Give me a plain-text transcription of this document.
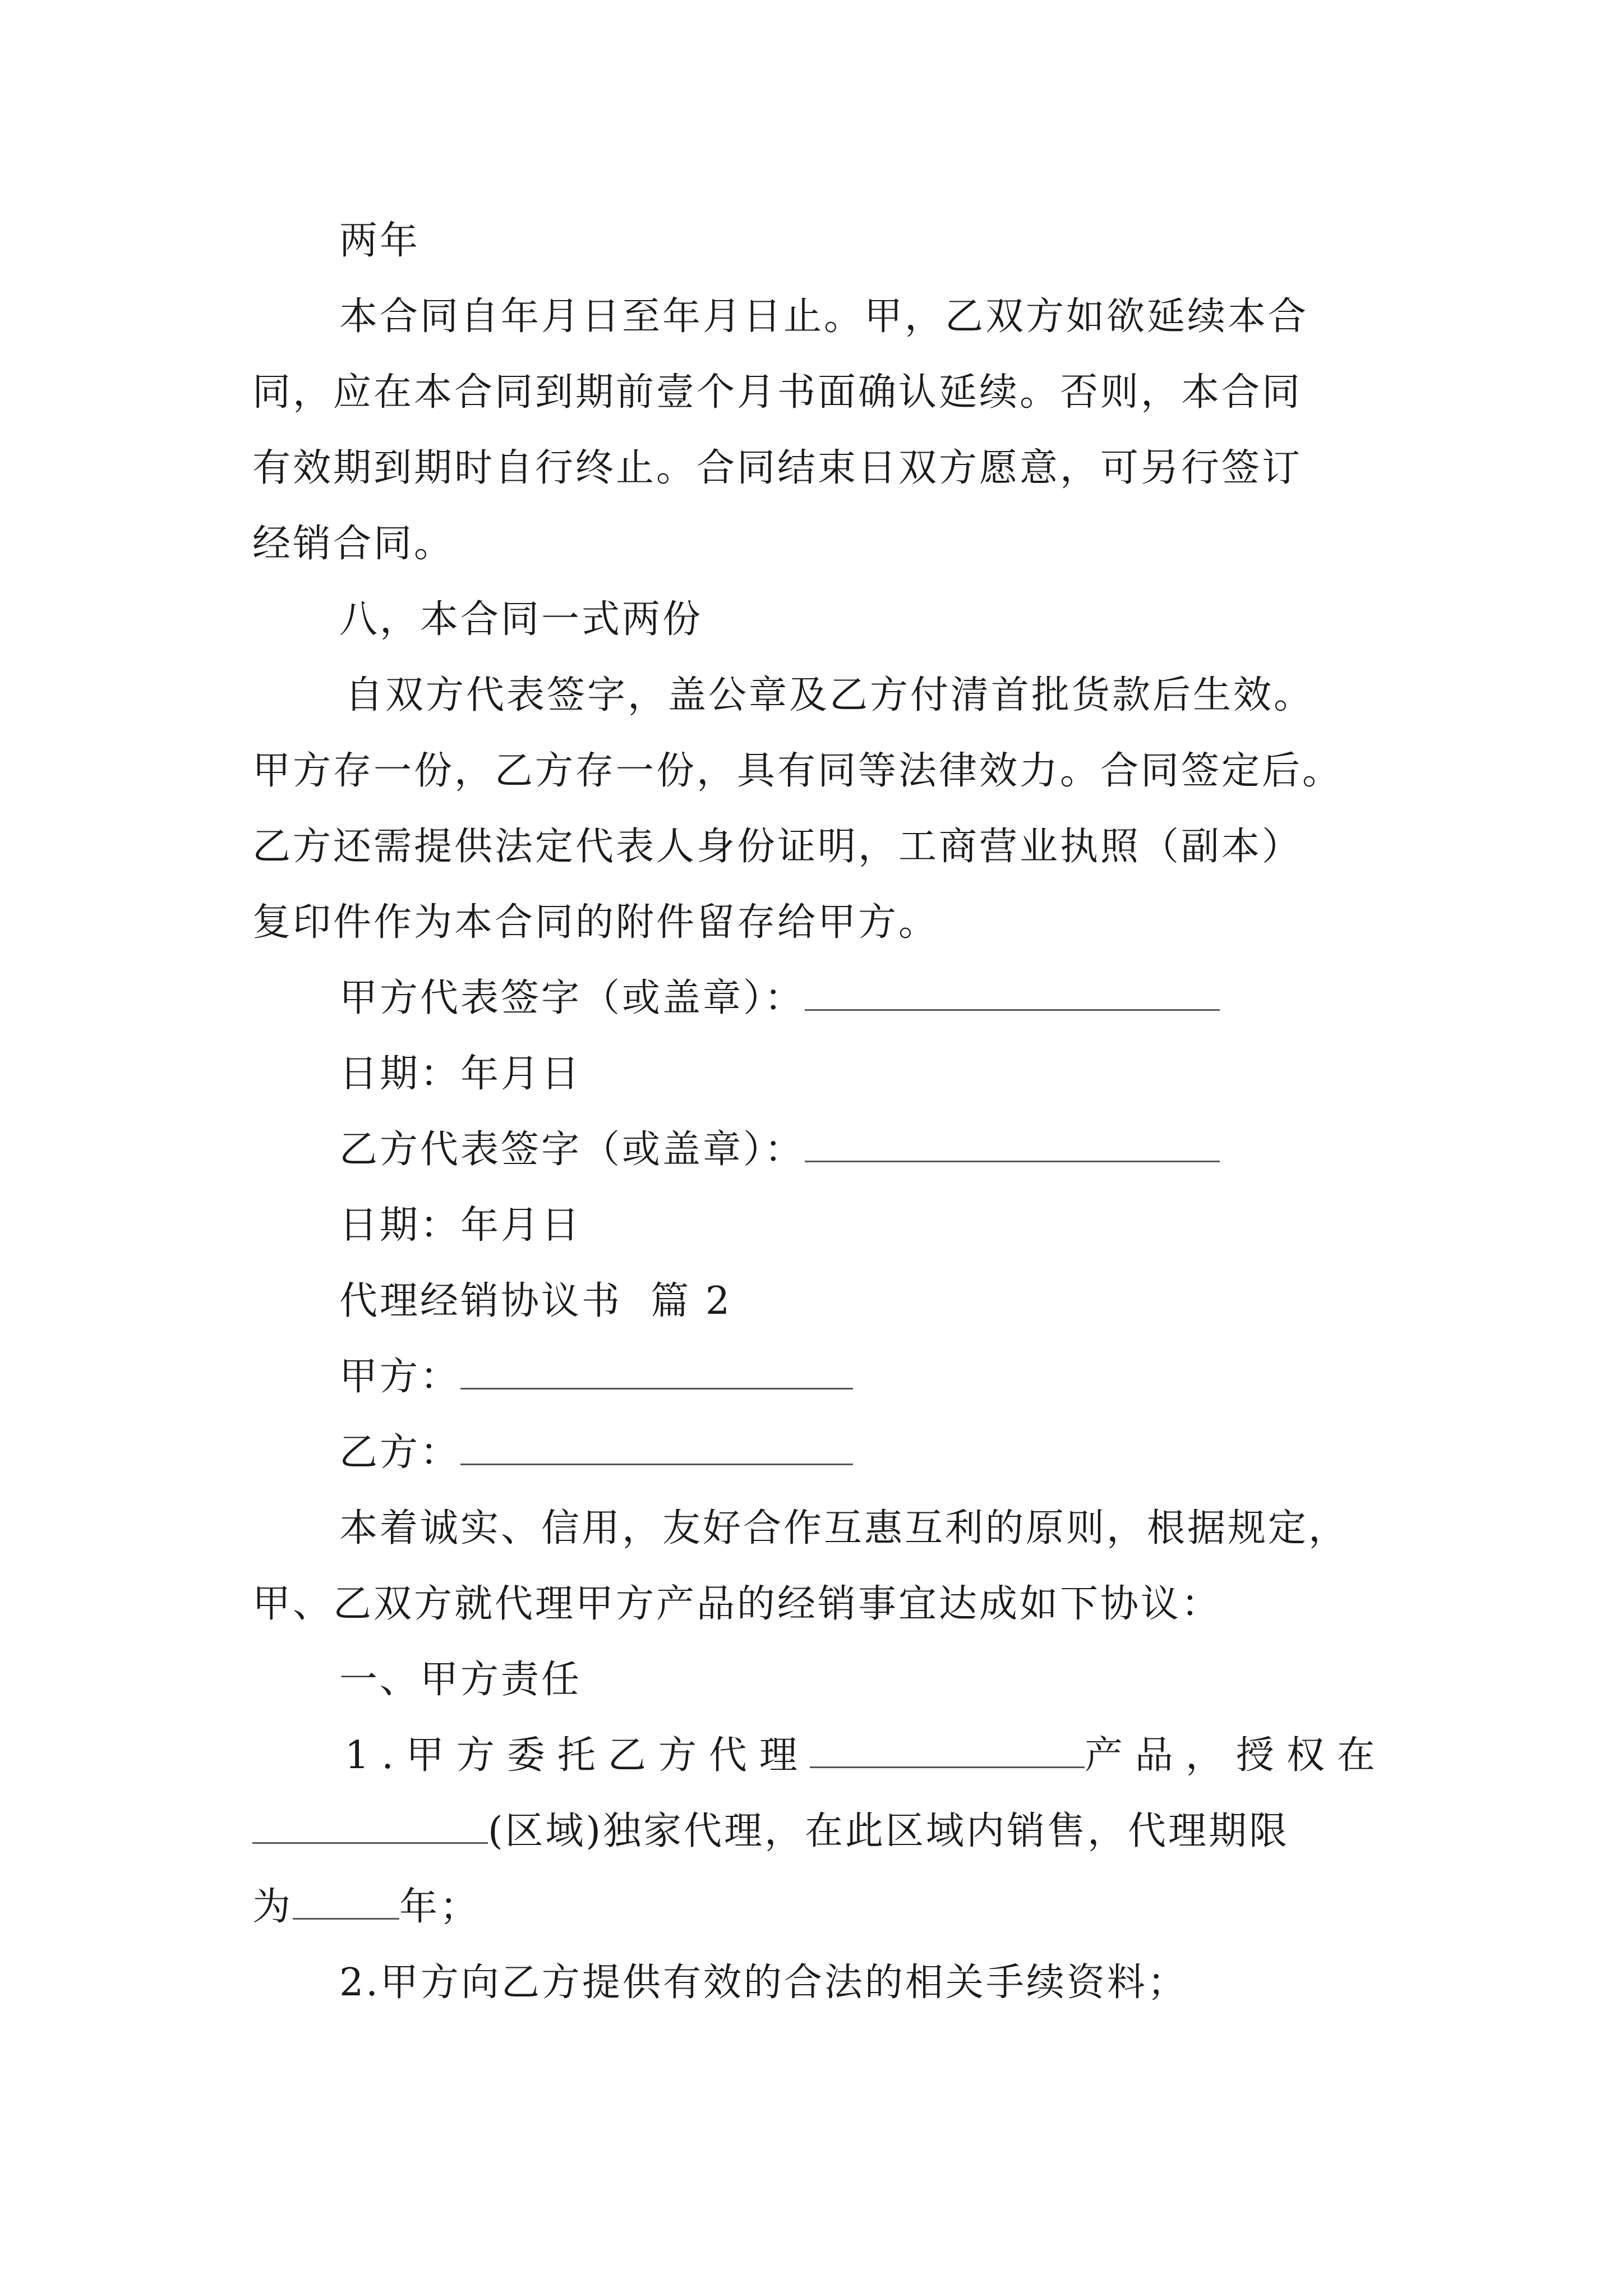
两年
本合同自年月日至年月日止。甲，乙双方如欲延续本合
同，应在本合同到期前壹个月书面确认延续。否则，本合同
有效期到期时自行终止。合同结束日双方愿意，可另行签订
经销合同。
八，本合同一式两份
自双方代表签字，盖公章及乙方付清首批货款后生效。
甲方存一份，乙方存一份，具有同等法律效力。合同签定后。
乙方还需提供法定代表人身份证明，工商营业执照（副本）
复印件作为本合同的附件留存给甲方。
甲方代表签字（或盖章）：
日期：年月日
乙方代表签字（或盖章）：
日期：年月日
代理经销协议书  篇 2
甲方：
乙方：
本着诚实、信用，友好合作互惠互利的原则，根据规定，
甲、乙双方就代理甲方产品的经销事宜达成如下协议：
一、甲方责任
1.甲方委托乙方代理	产品，授权在
(区域)独家代理，在此区域内销售，代理期限
为	年；
2.甲方向乙方提供有效的合法的相关手续资料；
